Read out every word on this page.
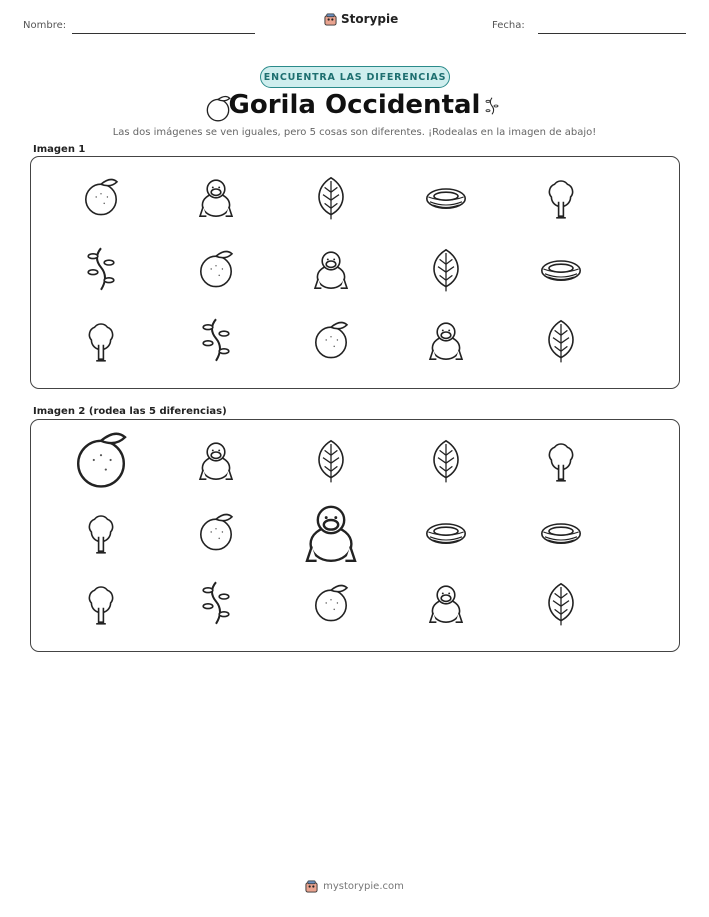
Nombre:	Storypie	Fecha:
ENCUENTRA LAS DIFERENCIAS
Gorila Occidental
Las dos imágenes se ven iguales, pero 5 cosas son diferentes. ¡Rodealas en la imagen de abajo!
Imagen 1
Imagen 2 (rodea las 5 diferencias)
mystorypie.com
